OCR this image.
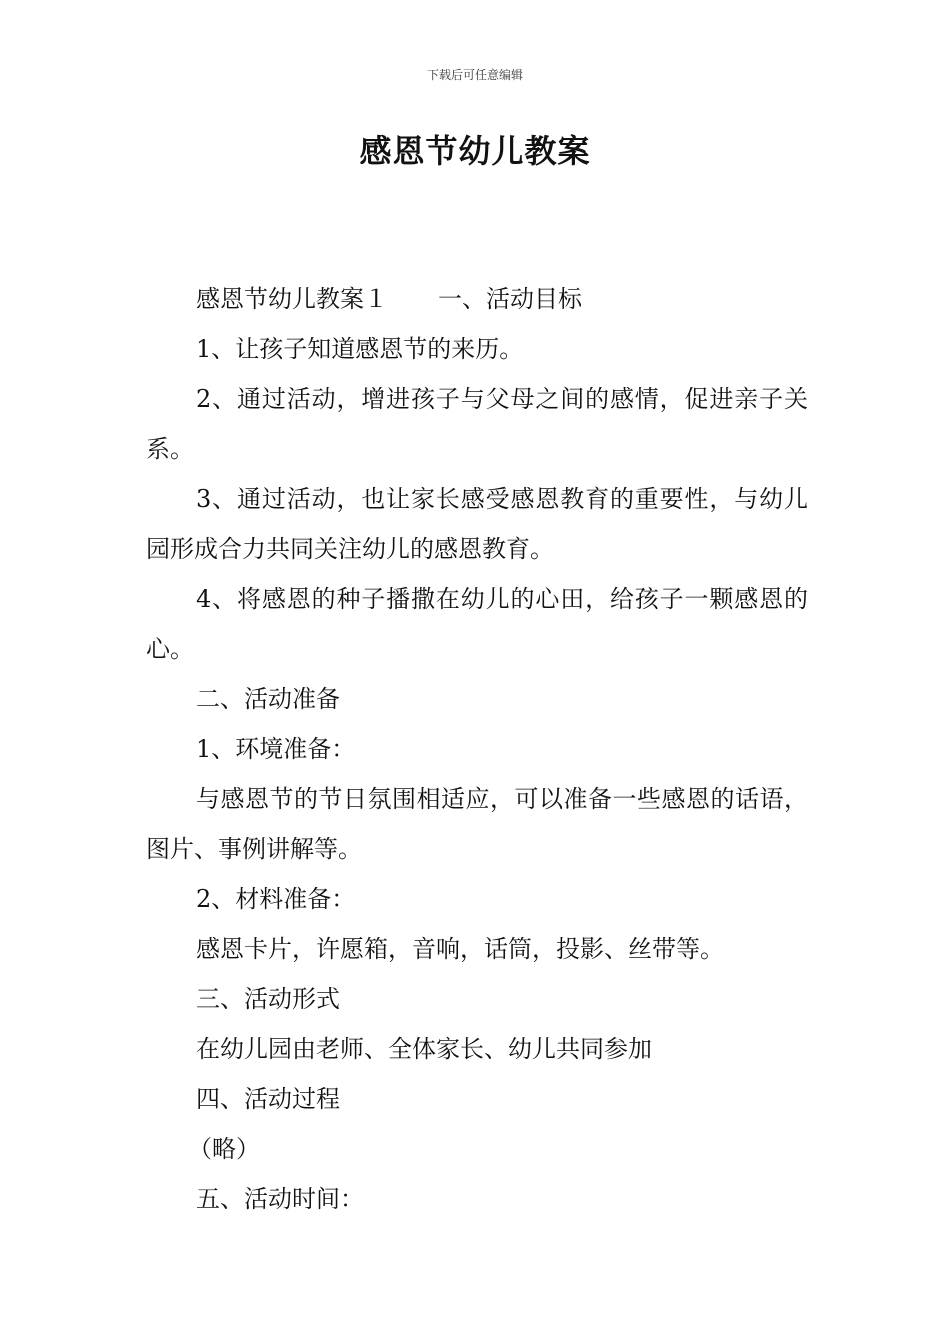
下载后可任意编辑
感恩节幼儿教案

感恩节幼儿教案１ 一、活动目标

1、让孩子知道感恩节的来历。

2、通过活动，增进孩子与父母之间的感情，促进亲子关系。

3、通过活动，也让家长感受感恩教育的重要性，与幼儿园形成合力共同关注幼儿的感恩教育。

4、将感恩的种子播撒在幼儿的心田，给孩子一颗感恩的心。

二、活动准备

1、环境准备：

与感恩节的节日氛围相适应，可以准备一些感恩的话语，图片、事例讲解等。

2、材料准备：

感恩卡片，许愿箱，音响，话筒，投影、丝带等。

三、活动形式

在幼儿园由老师、全体家长、幼儿共同参加

四、活动过程

（略）

五、活动时间：
